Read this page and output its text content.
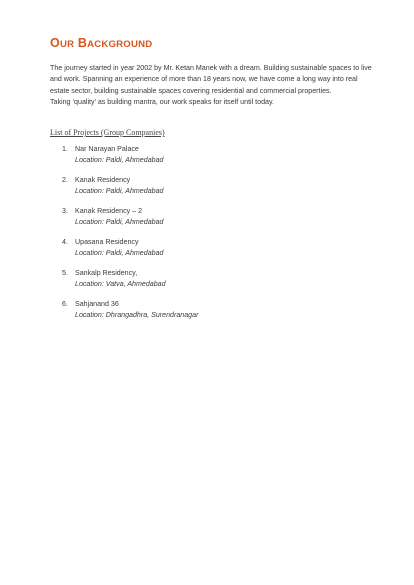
OUR BACKGROUND

The journey started in year 2002 by Mr. Ketan Manek with a dream. Building sustainable spaces to live and work. Spanning an experience of more than 18 years now, we have come a long way into real estate sector, building sustainable spaces covering residential and commercial properties.

Taking ‘quality’ as building mantra, our work speaks for itself until today.

List of Projects (Group Companies)
1. Nar Narayan Palace
Location: Paldi, Ahmedabad
2. Kanak Residency
Location: Paldi, Ahmedabad
3. Kanak Residency – 2
Location: Paldi, Ahmedabad
4. Upasana Residency
Location: Paldi, Ahmedabad
5. Sankalp Residency,
Location: Vatva, Ahmedabad
6. Sahjanand 36
Location: Dhrangadhra, Surendranagar
